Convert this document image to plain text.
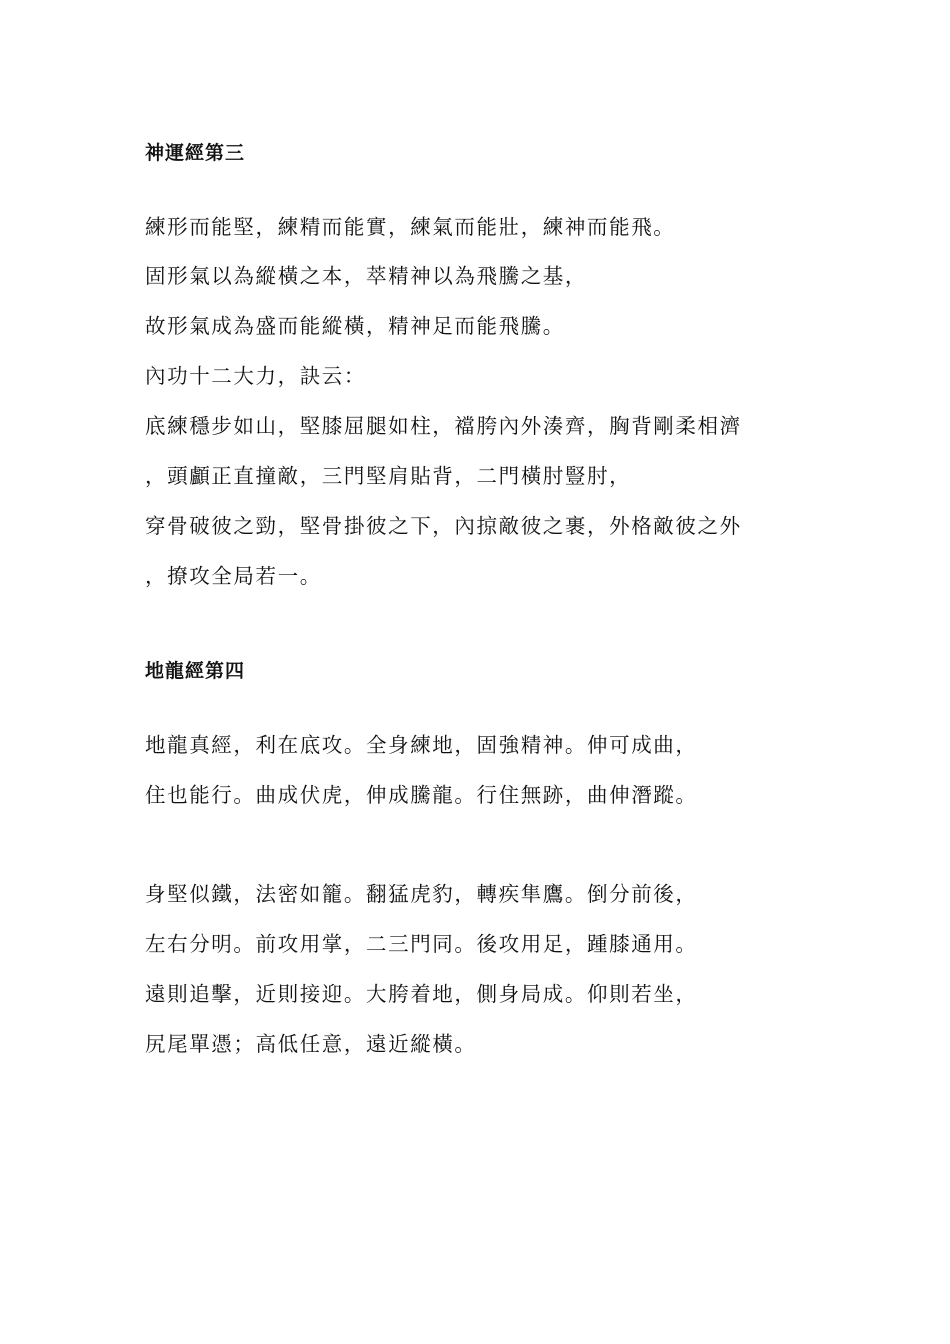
神運經第三
練形而能堅，練精而能實，練氣而能壯，練神而能飛。
固形氣以為縱橫之本，萃精神以為飛騰之基，
故形氣成為盛而能縱橫，精神足而能飛騰。
內功十二大力，訣云：
底練穩步如山，堅膝屈腿如柱，襠胯內外湊齊，胸背剛柔相濟
，頭顱正直撞敵，三門堅肩貼背，二門橫肘豎肘，
穿骨破彼之勁，堅骨掛彼之下，內掠敵彼之裹，外格敵彼之外
，撩攻全局若一。
地龍經第四
地龍真經，利在底攻。全身練地，固強精神。伸可成曲，
住也能行。曲成伏虎，伸成騰龍。行住無跡，曲伸潛蹤。
身堅似鐵，法密如籠。翻猛虎豹，轉疾隼鷹。倒分前後，
左右分明。前攻用掌，二三門同。後攻用足，踵膝通用。
遠則追擊，近則接迎。大胯着地，側身局成。仰則若坐，
尻尾單憑；高低任意，遠近縱橫。
